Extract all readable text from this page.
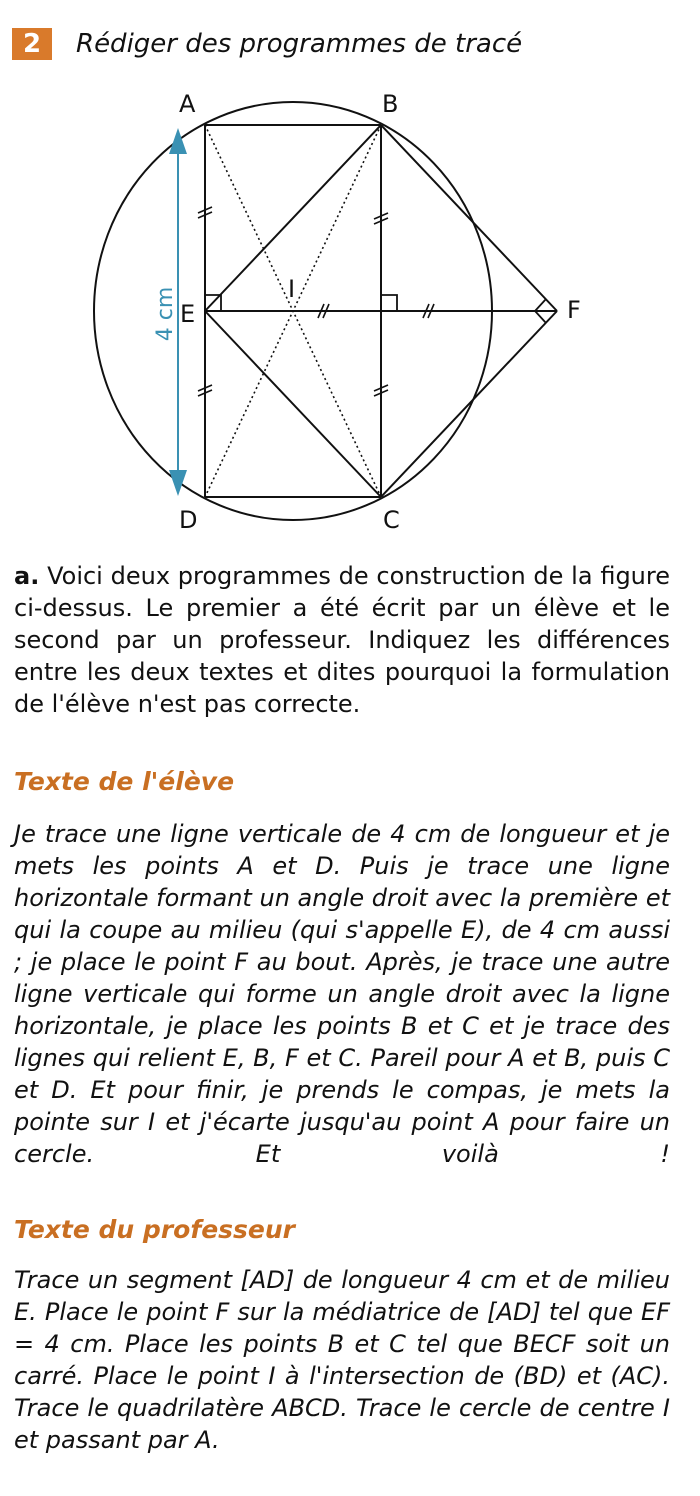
2	Rédiger des programmes de tracé
4 cm
A	B
C
D
E	F
I

a. Voici deux programmes de construction de la figure ci-dessus. Le premier a été écrit par un élève et le second par un professeur. Indiquez les différences entre les deux textes et dites pourquoi la formulation de l'élève n'est pas correcte.

Texte de l'élève

Je trace une ligne verticale de 4 cm de longueur et je mets les points A et D. Puis je trace une ligne horizontale formant un angle droit avec la première et qui la coupe au milieu (qui s'appelle E), de 4 cm aussi ; je place le point F au bout. Après, je trace une autre ligne verticale qui forme un angle droit avec la ligne horizontale, je place les points B et C et je trace des lignes qui relient E, B, F et C. Pareil pour A et B, puis C et D. Et pour finir, je prends le compas, je mets la pointe sur I et j'écarte jusqu'au point A pour faire un cercle. Et voilà !

Texte du professeur

Trace un segment [AD] de longueur 4 cm et de milieu E. Place le point F sur la médiatrice de [AD] tel que EF = 4 cm. Place les points B et C tel que BECF soit un carré. Place le point I à l'intersection de (BD) et (AC). Trace le quadrilatère ABCD. Trace le cercle de centre I et passant par A.
